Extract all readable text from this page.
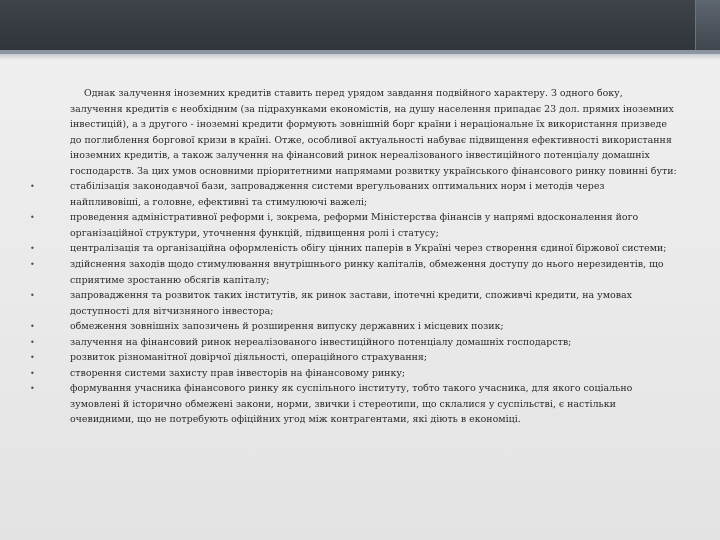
Однак залучення іноземних кредитів ставить перед урядом завдання подвійного характеру. З одного боку, залучення кредитів є необхідним (за підрахунками економістів, на душу населення припадає 23 дол. прямих іноземних інвестицій), а з другого - іноземні кредити формують зовнішній борг країни і нераціональне їх використання призведе до поглиблення боргової кризи в країні. Отже, особливої актуальності набуває підвищення ефективності використання іноземних кредитів, а також залучення на фінансовий ринок нереалізованого інвестиційного потенціалу домашніх господарств. За цих умов основними пріоритетними напрямами розвитку українського фінансового ринку повинні бути:

•	стабілізація законодавчої бази, запровадження системи врегульованих оптимальних норм і методів через найпливовіші, а головне, ефективні та стимулюючі важелі;
•	проведення адміністративної реформи і, зокрема, реформи Міністерства фінансів у напрямі вдосконалення його організаційної структури, уточнення функцій, підвищення ролі і статусу;
•	централізація та організаційна оформленість обігу цінних паперів в Україні через створення єдиної біржової системи;
•	здійснення заходів щодо стимулювання внутрішнього ринку капіталів, обмеження доступу до нього нерезидентів, що сприятиме зростанню обсягів капіталу;
•	запровадження та розвиток таких інститутів, як ринок застави, іпотечні кредити, споживчі кредити, на умовах доступності для вітчизняного інвестора;
•	обмеження зовнішніх запозичень й розширення випуску державних і місцевих позик;
•	залучення на фінансовий ринок нереалізованого інвестиційного потенціалу домашніх господарств;
•	розвиток різноманітної довірчої діяльності, операційного страхування;
•	створення системи захисту прав інвесторів на фінансовому ринку;
•	формування учасника фінансового ринку як суспільного інституту, тобто такого учасника, для якого соціально зумовлені й історично обмежені закони, норми, звички і стереотипи, що склалися у суспільстві, є настільки очевидними, що не потребують офіційних угод між контрагентами, які діють в економіці.
